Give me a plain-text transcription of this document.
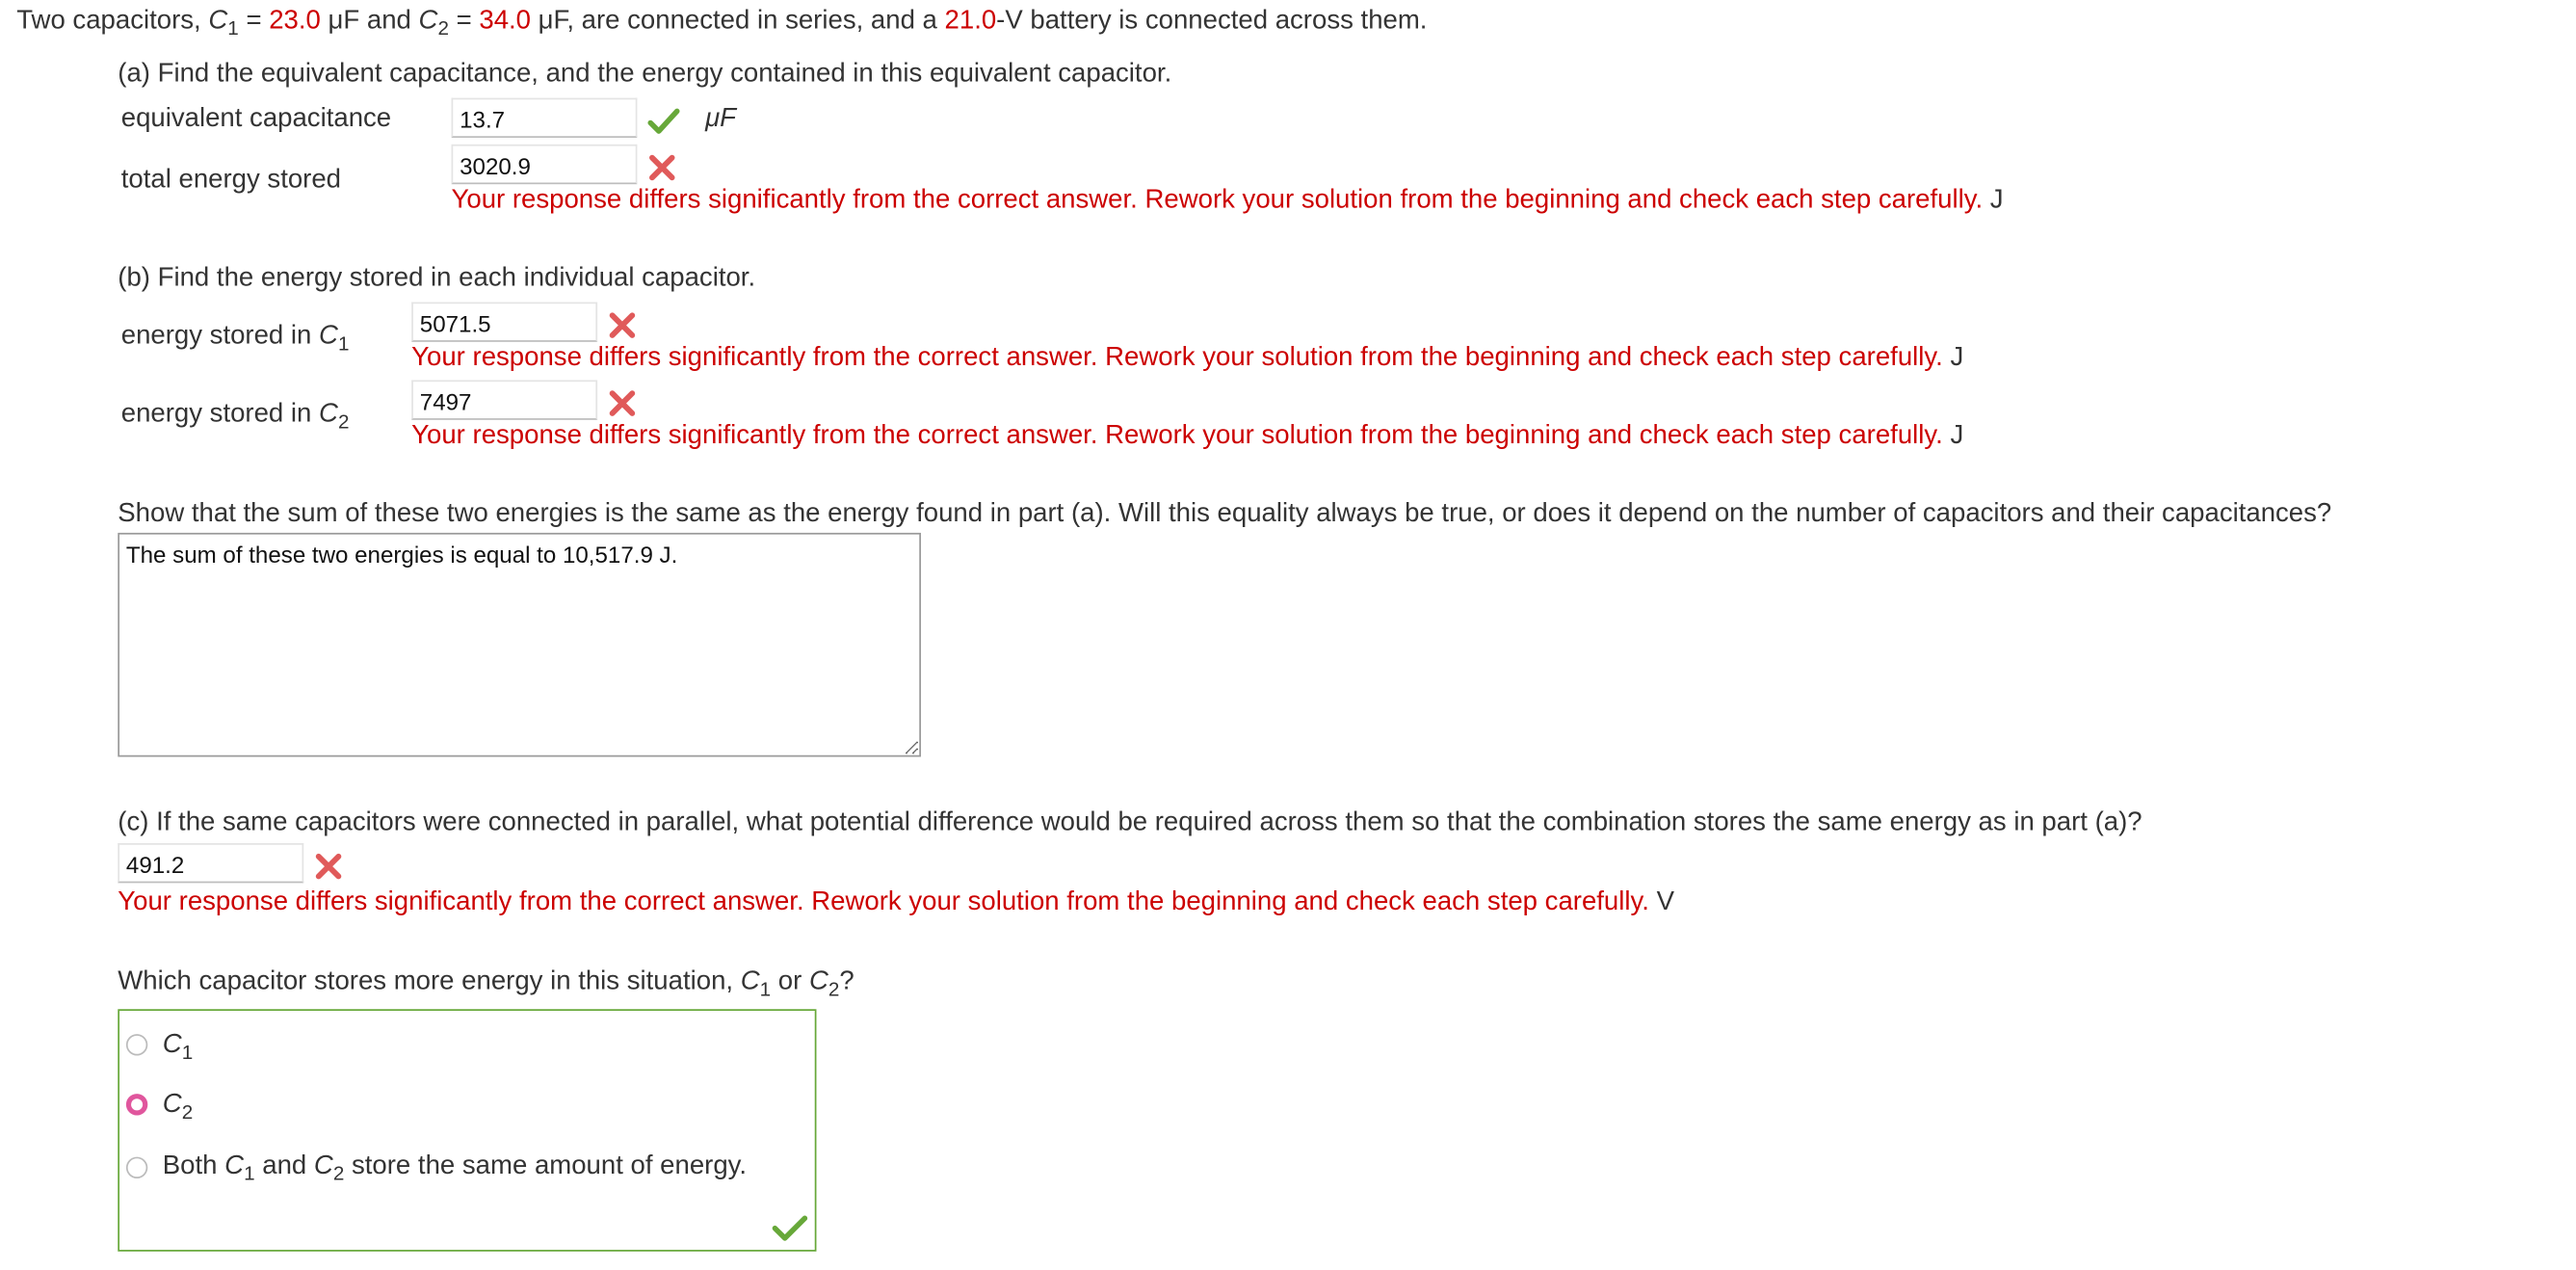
Two capacitors, $C_1 = 23.0$ μF and $C_2 = 34.0$ μF, are connected in series, and a 21.0-V battery is connected across them.
(a) Find the equivalent capacitance, and the energy contained in this equivalent capacitor.
equivalent capacitance	13.7	μF
total energy stored	3020.9
Your response differs significantly from the correct answer. Rework your solution from the beginning and check each step carefully. J
(b) Find the energy stored in each individual capacitor.
energy stored in $C_1$
5071.5
Your response differs significantly from the correct answer. Rework your solution from the beginning and check each step carefully. J
energy stored in $C_2$
7497
Your response differs significantly from the correct answer. Rework your solution from the beginning and check each step carefully. J
Show that the sum of these two energies is the same as the energy found in part (a). Will this equality always be true, or does it depend on the number of capacitors and their capacitances?
The sum of these two energies is equal to 10,517.9 J.
(c) If the same capacitors were connected in parallel, what potential difference would be required across them so that the combination stores the same energy as in part (a)?
491.2
Your response differs significantly from the correct answer. Rework your solution from the beginning and check each step carefully. V
Which capacitor stores more energy in this situation, $C_1$ or $C_2$?
$C_1$
$C_2$
Both $C_1$ and $C_2$ store the same amount of energy.
